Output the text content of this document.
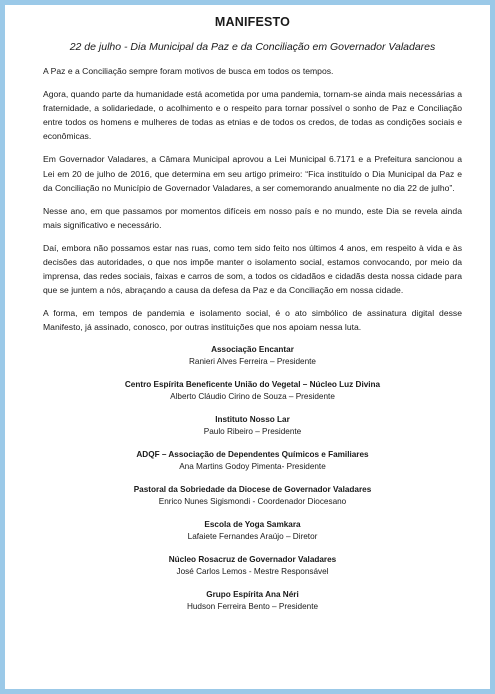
MANIFESTO
22 de julho - Dia Municipal da Paz e da Conciliação em Governador Valadares

A Paz e a Conciliação sempre foram motivos de busca em todos os tempos.

Agora, quando parte da humanidade está acometida por uma pandemia, tornam-se ainda mais necessárias a fraternidade, a solidariedade, o acolhimento e o respeito para tornar possível o sonho de Paz e Conciliação entre todos os homens e mulheres de todas as etnias e de todos os credos, de todas as condições sociais e econômicas.

Em Governador Valadares, a Câmara Municipal aprovou a Lei Municipal 6.7171 e a Prefeitura sancionou a Lei em 20 de julho de 2016, que determina em seu artigo primeiro: “Fica instituído o Dia Municipal da Paz e da Conciliação no Município de Governador Valadares, a ser comemorando anualmente no dia 22 de julho”.

Nesse ano, em que passamos por momentos difíceis em nosso país e no mundo, este Dia se revela ainda mais significativo e necessário.

Daí, embora não possamos estar nas ruas, como tem sido feito nos últimos 4 anos, em respeito à vida e às decisões das autoridades, o que nos impõe manter o isolamento social, estamos convocando, por meio da imprensa, das redes sociais, faixas e carros de som, a todos os cidadãos e cidadãs desta nossa cidade para que se juntem a nós, abraçando a causa da defesa da Paz e da Conciliação em nossa cidade.

A forma, em tempos de pandemia e isolamento social, é o ato simbólico de assinatura digital desse Manifesto, já assinado, conosco, por outras instituições que nos apoiam nessa luta.

Associação Encantar
Ranieri Alves Ferreira – Presidente
Centro Espírita Beneficente União do Vegetal – Núcleo Luz Divina
Alberto Cláudio Cirino de Souza – Presidente
Instituto Nosso Lar
Paulo Ribeiro – Presidente
ADQF – Associação de Dependentes Químicos e Familiares
Ana Martins Godoy Pimenta- Presidente
Pastoral da Sobriedade da Diocese de Governador Valadares
Enrico Nunes Sigismondi - Coordenador Diocesano
Escola de Yoga Samkara
Lafaiete Fernandes Araújo – Diretor
Núcleo Rosacruz de Governador Valadares
José Carlos Lemos - Mestre Responsável
Grupo Espírita Ana Néri
Hudson Ferreira Bento – Presidente
